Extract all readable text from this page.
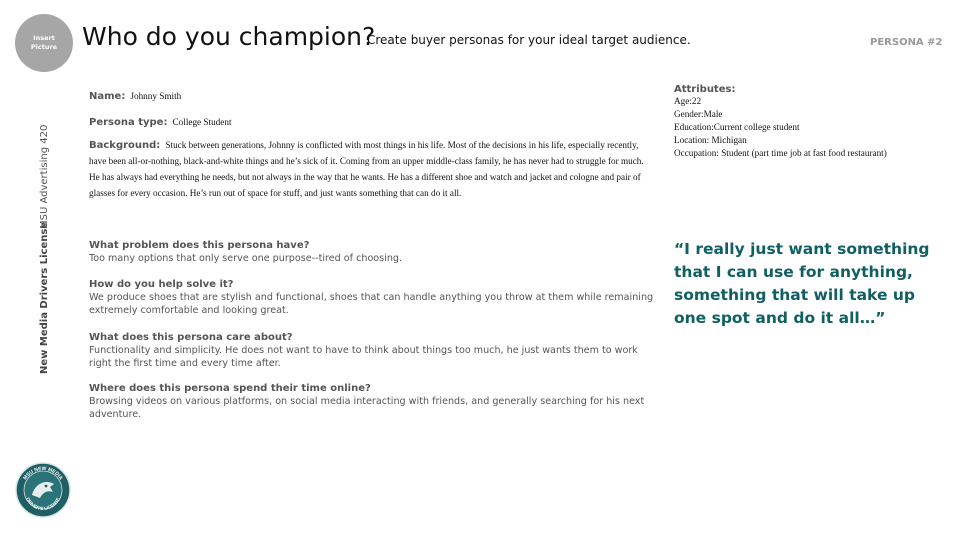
Insert Picture Who do you champion?
Create buyer personas for your ideal target audience.	PERSONA #2
MSU Advertising 420
New Media Drivers License
Name: Johnny Smith
Persona type: College Student
Background: Stuck between generations, Johnny is conflicted with most things in his life. Most of the decisions in his life, especially recently, have been all-or-nothing, black-and-white things and he’s sick of it. Coming from an upper middle-class family, he has never had to struggle for much. He has always had everything he needs, but not always in the way that he wants. He has a different shoe and watch and jacket and cologne and pair of glasses for every occasion. He’s run out of space for stuff, and just wants something that can do it all.
What problem does this persona have?
Too many options that only serve one purpose--tired of choosing.
How do you help solve it?
We produce shoes that are stylish and functional, shoes that can handle anything you throw at them while remaining extremely comfortable and looking great.
What does this persona care about?
Functionality and simplicity. He does not want to have to think about things too much, he just wants them to work right the first time and every time after.
Where does this persona spend their time online?
Browsing videos on various platforms, on social media interacting with friends, and generally searching for his next adventure.
Attributes:
Age:22
Gender:Male
Education:Current college student
Location: Michigan
Occupation: Student (part time job at fast food restaurant)
“I really just want something that I can use for anything, something that will take up one spot and do it all…”
MSU NEW MEDIA
DRIVER'S LICENSE
